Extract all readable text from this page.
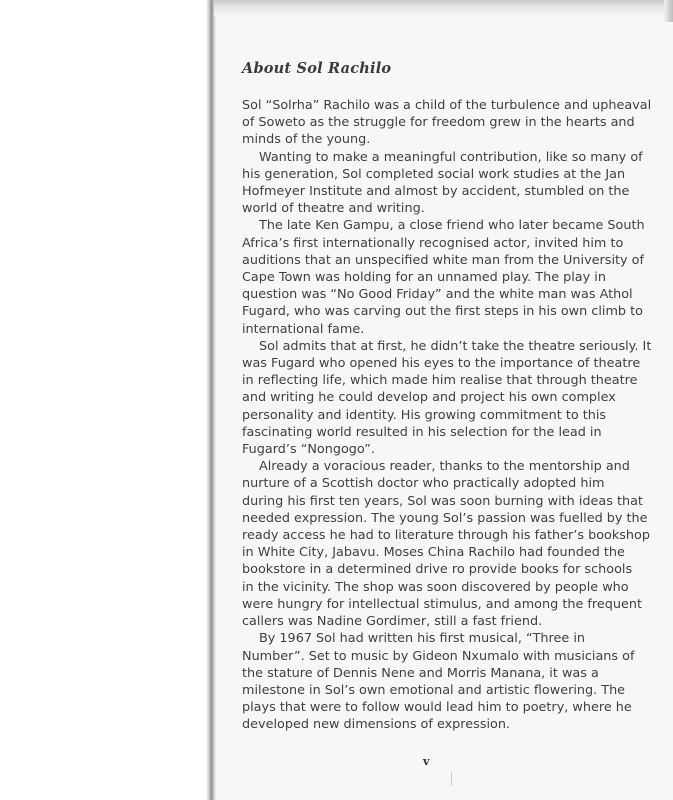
About Sol Rachilo
Sol “Solrha” Rachilo was a child of the turbulence and upheaval
of Soweto as the struggle for freedom grew in the hearts and
minds of the young.
Wanting to make a meaningful contribution, like so many of
his generation, Sol completed social work studies at the Jan
Hofmeyer Institute and almost by accident, stumbled on the
world of theatre and writing.
The late Ken Gampu, a close friend who later became South
Africa’s first internationally recognised actor, invited him to
auditions that an unspecified white man from the University of
Cape Town was holding for an unnamed play. The play in
question was “No Good Friday” and the white man was Athol
Fugard, who was carving out the first steps in his own climb to
international fame.
Sol admits that at first, he didn’t take the theatre seriously. It
was Fugard who opened his eyes to the importance of theatre
in reflecting life, which made him realise that through theatre
and writing he could develop and project his own complex
personality and identity. His growing commitment to this
fascinating world resulted in his selection for the lead in
Fugard’s “Nongogo”.
Already a voracious reader, thanks to the mentorship and
nurture of a Scottish doctor who practically adopted him
during his first ten years, Sol was soon burning with ideas that
needed expression. The young Sol’s passion was fuelled by the
ready access he had to literature through his father’s bookshop
in White City, Jabavu. Moses China Rachilo had founded the
bookstore in a determined drive ro provide books for schools
in the vicinity. The shop was soon discovered by people who
were hungry for intellectual stimulus, and among the frequent
callers was Nadine Gordimer, still a fast friend.
By 1967 Sol had written his first musical, “Three in
Number”. Set to music by Gideon Nxumalo with musicians of
the stature of Dennis Nene and Morris Manana, it was a
milestone in Sol’s own emotional and artistic flowering. The
plays that were to follow would lead him to poetry, where he
developed new dimensions of expression.
v
